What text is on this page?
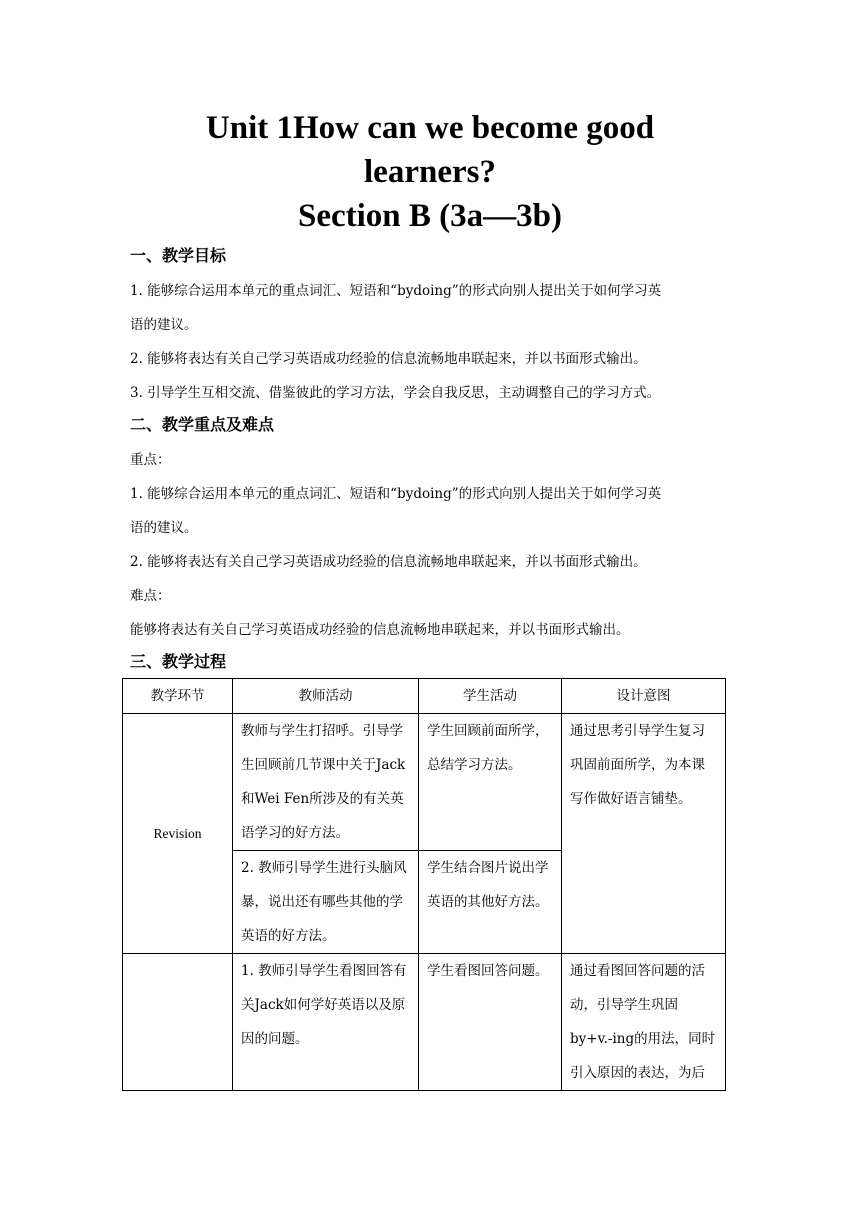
Unit 1How can we become good
learners?
Section B (3a—3b)
一、教学目标
1. 能够综合运用本单元的重点词汇、短语和“bydoing”的形式向别人提出关于如何学习英
语的建议。
2. 能够将表达有关自己学习英语成功经验的信息流畅地串联起来，并以书面形式输出。
3. 引导学生互相交流、借鉴彼此的学习方法，学会自我反思，主动调整自己的学习方式。
二、教学重点及难点
重点：
1. 能够综合运用本单元的重点词汇、短语和“bydoing”的形式向别人提出关于如何学习英
语的建议。
2. 能够将表达有关自己学习英语成功经验的信息流畅地串联起来，并以书面形式输出。
难点：
能够将表达有关自己学习英语成功经验的信息流畅地串联起来，并以书面形式输出。
三、教学过程
教学环节	教师活动	学生活动	设计意图
Revision	教师与学生打招呼。引导学生回顾前几节课中关于Jack和Wei Fen所涉及的有关英语学习的好方法。	学生回顾前面所学，总结学习方法。	通过思考引导学生复习巩固前面所学，为本课写作做好语言铺垫。
	2. 教师引导学生进行头脑风暴，说出还有哪些其他的学英语的好方法。	学生结合图片说出学英语的其他好方法。	
	1. 教师引导学生看图回答有关Jack如何学好英语以及原因的问题。	学生看图回答问题。	通过看图回答问题的活动，引导学生巩固by+v.-ing的用法，同时引入原因的表达，为后
